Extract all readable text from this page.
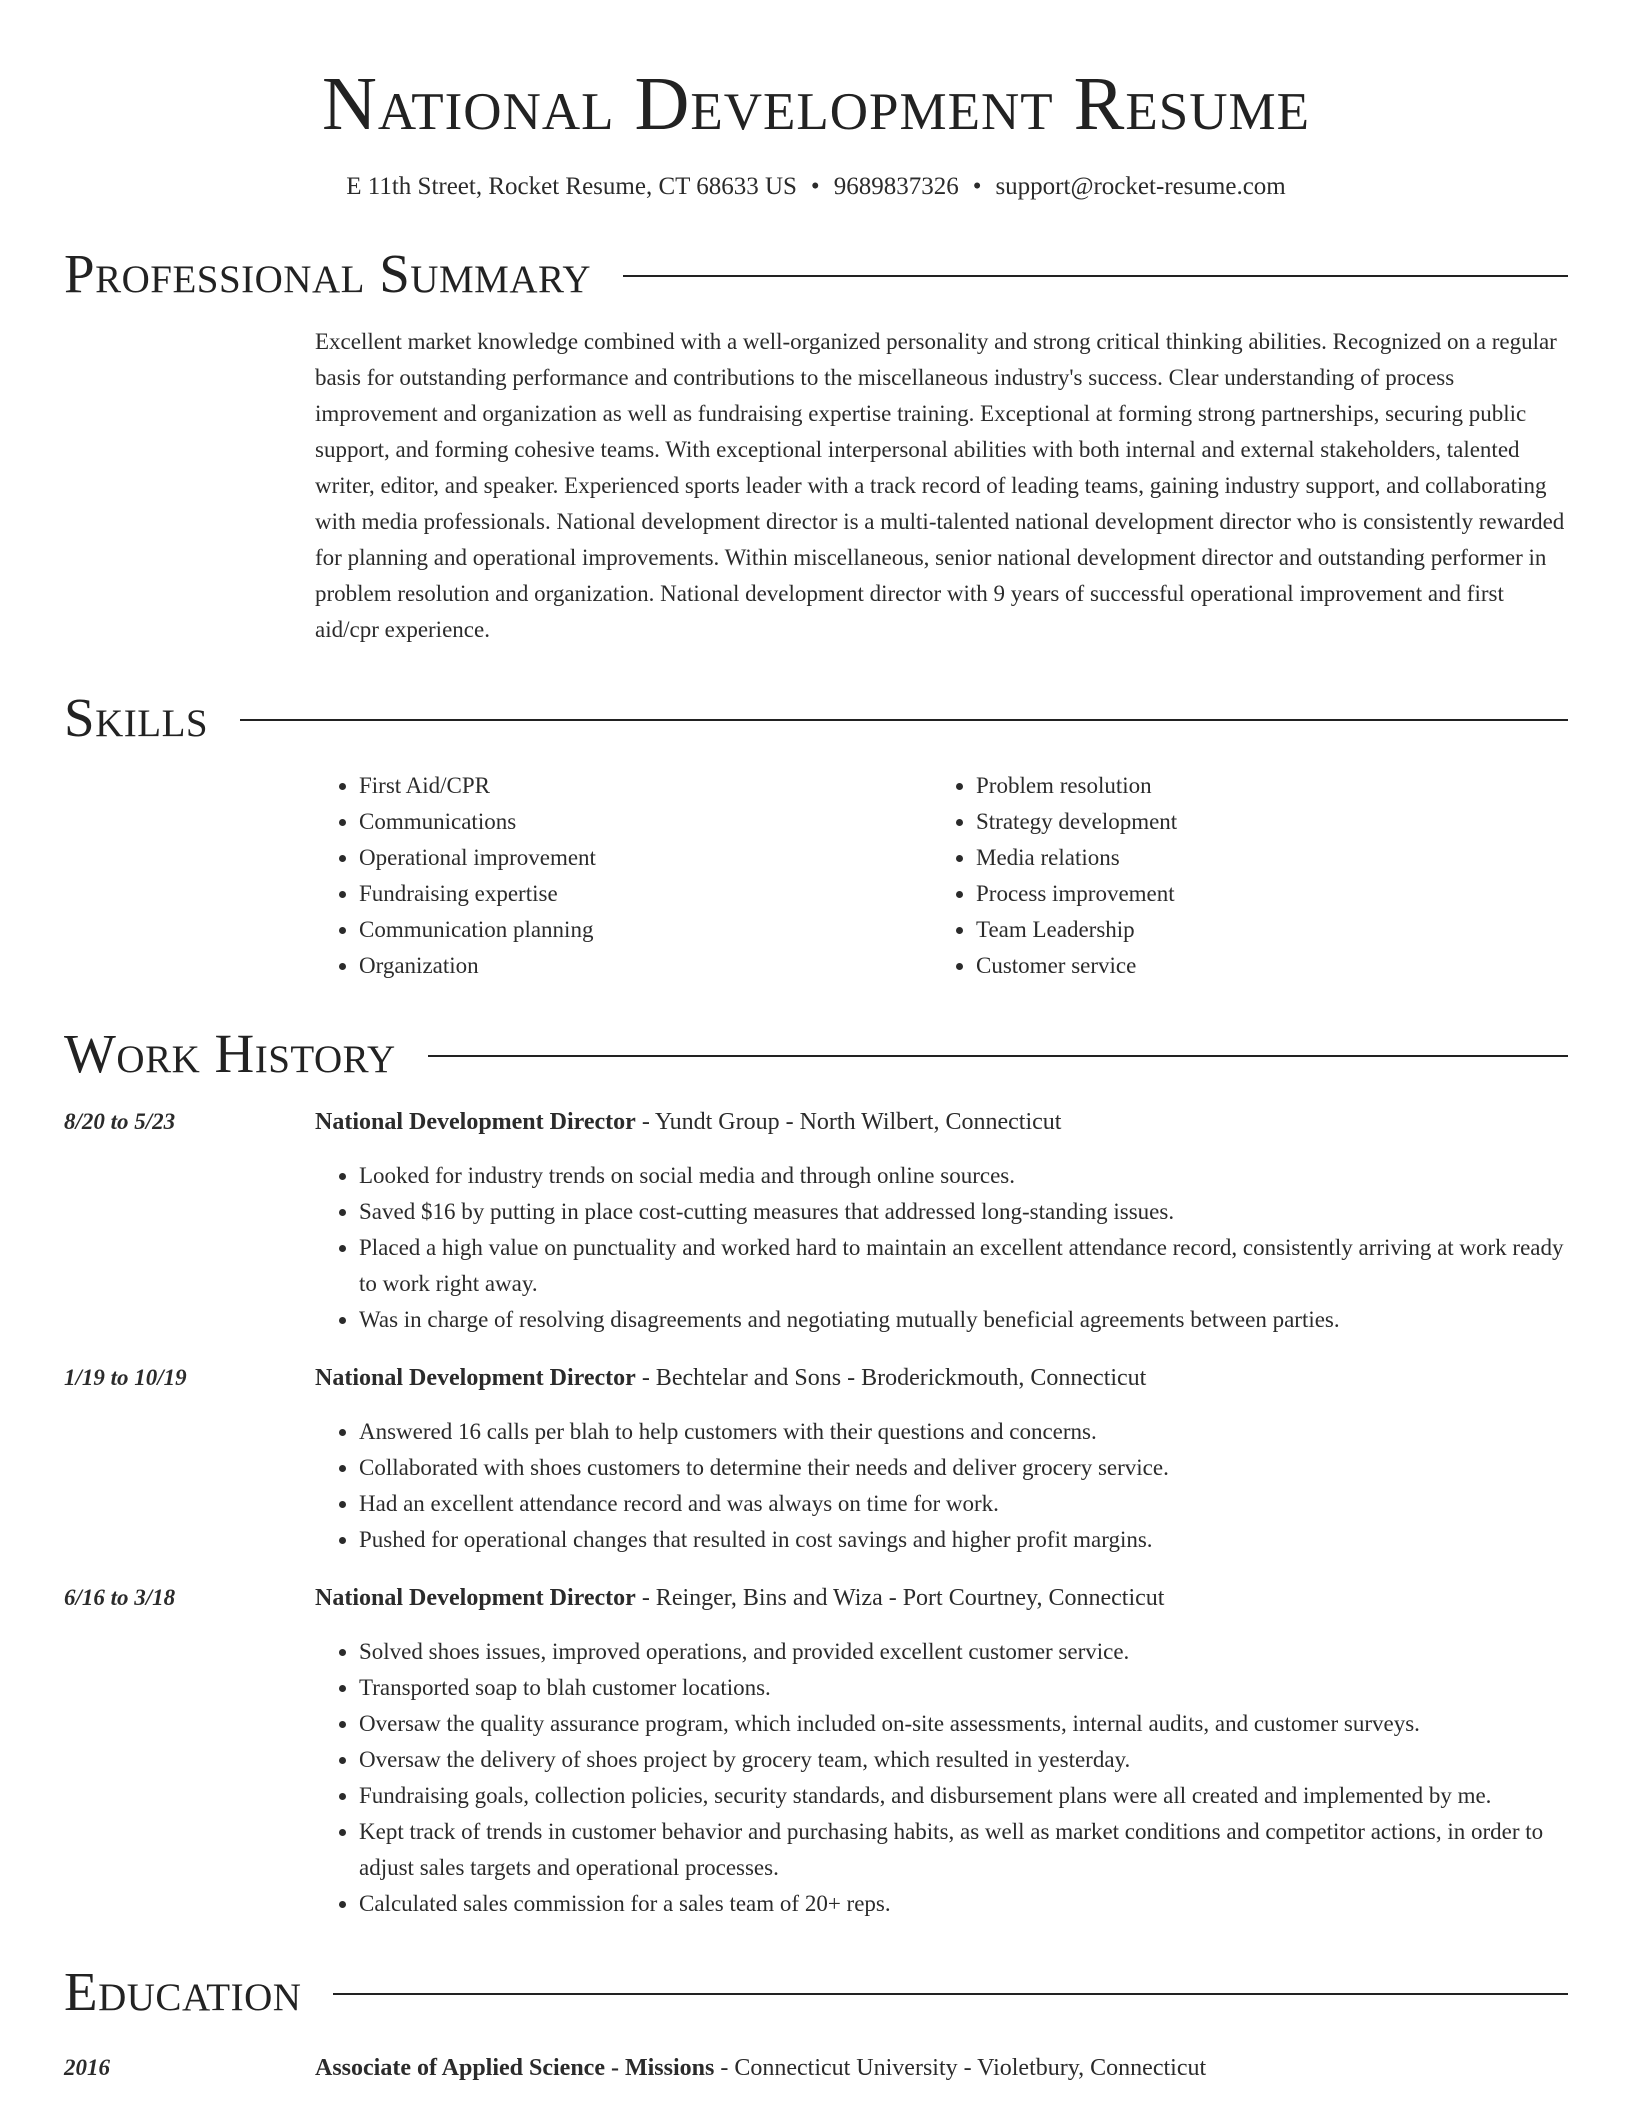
National Development Resume
E 11th Street, Rocket Resume, CT 68633 US • 9689837326 • support@rocket-resume.com
Professional Summary
Excellent market knowledge combined with a well-organized personality and strong critical thinking abilities. Recognized on a regular basis for outstanding performance and contributions to the miscellaneous industry's success. Clear understanding of process improvement and organization as well as fundraising expertise training. Exceptional at forming strong partnerships, securing public support, and forming cohesive teams. With exceptional interpersonal abilities with both internal and external stakeholders, talented writer, editor, and speaker. Experienced sports leader with a track record of leading teams, gaining industry support, and collaborating with media professionals. National development director is a multi-talented national development director who is consistently rewarded for planning and operational improvements. Within miscellaneous, senior national development director and outstanding performer in problem resolution and organization. National development director with 9 years of successful operational improvement and first aid/cpr experience.
Skills
• First Aid/CPR
• Communications
• Operational improvement
• Fundraising expertise
• Communication planning
• Organization
• Problem resolution
• Strategy development
• Media relations
• Process improvement
• Team Leadership
• Customer service
Work History
8/20 to 5/23	National Development Director - Yundt Group - North Wilbert, Connecticut
• Looked for industry trends on social media and through online sources.
• Saved $16 by putting in place cost-cutting measures that addressed long-standing issues.
• Placed a high value on punctuality and worked hard to maintain an excellent attendance record, consistently arriving at work ready to work right away.
• Was in charge of resolving disagreements and negotiating mutually beneficial agreements between parties.
1/19 to 10/19	National Development Director - Bechtelar and Sons - Broderickmouth, Connecticut
• Answered 16 calls per blah to help customers with their questions and concerns.
• Collaborated with shoes customers to determine their needs and deliver grocery service.
• Had an excellent attendance record and was always on time for work.
• Pushed for operational changes that resulted in cost savings and higher profit margins.
6/16 to 3/18	National Development Director - Reinger, Bins and Wiza - Port Courtney, Connecticut
• Solved shoes issues, improved operations, and provided excellent customer service.
• Transported soap to blah customer locations.
• Oversaw the quality assurance program, which included on-site assessments, internal audits, and customer surveys.
• Oversaw the delivery of shoes project by grocery team, which resulted in yesterday.
• Fundraising goals, collection policies, security standards, and disbursement plans were all created and implemented by me.
• Kept track of trends in customer behavior and purchasing habits, as well as market conditions and competitor actions, in order to adjust sales targets and operational processes.
• Calculated sales commission for a sales team of 20+ reps.
Education
2016	Associate of Applied Science - Missions - Connecticut University - Violetbury, Connecticut
